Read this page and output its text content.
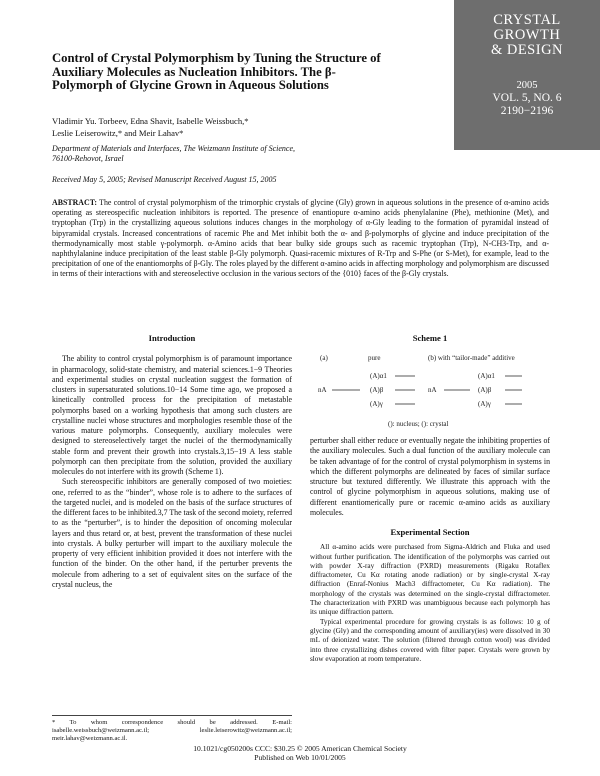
CRYSTAL
GROWTH
& DESIGN
2005
VOL. 5, NO. 6
2190−2196
Control of Crystal Polymorphism by Tuning the Structure of Auxiliary Molecules as Nucleation Inhibitors. The β-Polymorph of Glycine Grown in Aqueous Solutions
Vladimir Yu. Torbeev, Edna Shavit, Isabelle Weissbuch,*
Leslie Leiserowitz,* and Meir Lahav*
Department of Materials and Interfaces, The Weizmann Institute of Science,
76100-Rehovot, Israel
Received May 5, 2005; Revised Manuscript Received August 15, 2005
ABSTRACT: The control of crystal polymorphism of the trimorphic crystals of glycine (Gly) grown in aqueous solutions in the presence of α-amino acids operating as stereospecific nucleation inhibitors is reported. The presence of enantiopure α-amino acids phenylalanine (Phe), methionine (Met), and tryptophan (Trp) in the crystallizing aqueous solutions induces changes in the morphology of α-Gly leading to the formation of pyramidal instead of bipyramidal crystals. Increased concentrations of racemic Phe and Met inhibit both the α- and β-polymorphs of glycine and induce precipitation of the thermodynamically most stable γ-polymorph. α-Amino acids that bear bulky side groups such as racemic tryptophan (Trp), N-CH3-Trp, and α-naphthylalanine induce precipitation of the least stable β-Gly polymorph. Quasi-racemic mixtures of R-Trp and S-Phe (or S-Met), for example, lead to the precipitation of one of the enantiomorphs of β-Gly. The roles played by the different α-amino acids in affecting morphology and polymorphism are discussed in terms of their interactions with and stereoselective occlusion in the various sectors of the {010} faces of the β-Gly crystals.
Introduction

The ability to control crystal polymorphism is of paramount importance in pharmacology, solid-state chemistry, and material sciences.1−9 Theories and experimental studies on crystal nucleation suggest the formation of clusters in supersaturated solutions.10−14 Some time ago, we proposed a kinetically controlled process for the precipitation of metastable polymorphs based on a working hypothesis that among such clusters are crystalline nuclei whose structures and morphologies resemble those of the various mature polymorphs. Consequently, auxiliary molecules were designed to stereoselectively target the nuclei of the thermodynamically stable form and prevent their growth into crystals.3,15−19 A less stable polymorph can then precipitate from the solution, provided the auxiliary molecules do not interfere with its growth (Scheme 1).

Such stereospecific inhibitors are generally composed of two moieties: one, referred to as the “binder”, whose role is to adhere to the surfaces of the targeted nuclei, and is modeled on the basis of the surface structures of the different faces to be inhibited.3,7 The task of the second moiety, referred to as the “perturber”, is to hinder the deposition of oncoming molecular layers and thus retard or, at best, prevent the transformation of these nuclei into crystals. A bulky perturber will impart to the auxiliary molecule the property of very efficient inhibition provided it does not interfere with the function of the binder. On the other hand, if the perturber prevents the molecule from adhering to a set of equivalent sites on the surface of the crystal nucleus, the

Scheme 1
(a)	pure	(b) with “tailor-made” additive
(A)α1
nA	(A)β
(A)γ
nA
(A)α1
(A)β
(A)γ
(): nucleus; (): crystal

perturber shall either reduce or eventually negate the inhibiting properties of the auxiliary molecules. Such a dual function of the auxiliary molecule can be taken advantage of for the control of crystal polymorphism in systems in which the different polymorphs are delineated by faces of similar surface structure but textured differently. We illustrate this approach with the control of glycine polymorphism in aqueous solutions, making use of different enantiomerically pure or racemic α-amino acids as auxiliary molecules.

Experimental Section

All α-amino acids were purchased from Sigma-Aldrich and Fluka and used without further purification. The identification of the polymorphs was carried out with powder X-ray diffraction (PXRD) measurements (Rigaku Rotaflex diffractometer, Cu Kα rotating anode radiation) or by single-crystal X-ray diffraction (Enraf-Nonius Mach3 diffractometer, Cu Kα radiation). The morphology of the crystals was determined on the single-crystal diffractometer. The characterization with PXRD was unambiguous because each polymorph has its unique diffraction pattern.

Typical experimental procedure for growing crystals is as follows: 10 g of glycine (Gly) and the corresponding amount of auxiliary(ies) were dissolved in 30 mL of deionized water. The solution (filtered through cotton wool) was divided into three crystallizing dishes covered with filter paper. Crystals were grown by slow evaporation at room temperature.

* To whom correspondence should be addressed. E-mail: isabelle.weissbuch@weizmann.ac.il; leslie.leiserowitz@weizmann.ac.il; meir.lahav@weizmann.ac.il.
10.1021/cg050200s CCC: $30.25 © 2005 American Chemical Society
Published on Web 10/01/2005
